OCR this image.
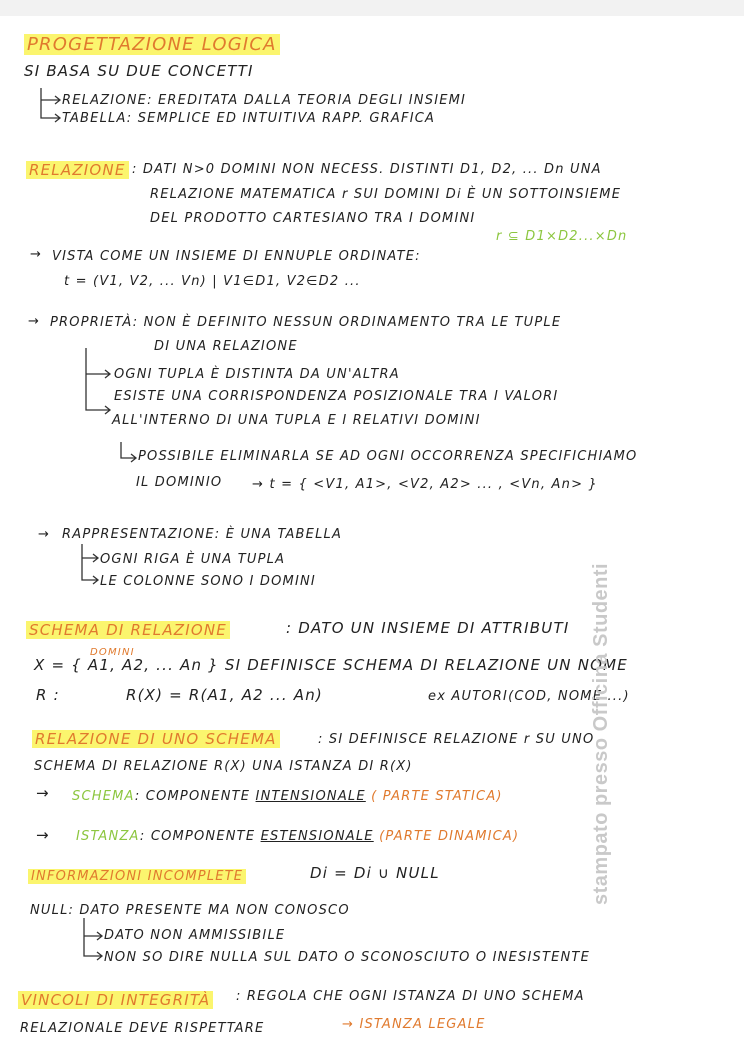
PROGETTAZIONE LOGICA
SI BASA SU DUE CONCETTI
RELAZIONE: EREDITATA DALLA TEORIA DEGLI INSIEMI
TABELLA: SEMPLICE ED INTUITIVA RAPP. GRAFICA
RELAZIONE : DATI N>0 DOMINI NON NECESS. DISTINTI D1, D2, ... Dn UNA
RELAZIONE MATEMATICA r SUI DOMINI Di È UN SOTTOINSIEME
DEL PRODOTTO CARTESIANO TRA I DOMINI
r ⊆ D1×D2...×Dn
→ VISTA COME UN INSIEME DI ENNUPLE ORDINATE:
t = (V1, V2, ... Vn) | V1∈D1, V2∈D2 ...
→ PROPRIETÀ: NON È DEFINITO NESSUN ORDINAMENTO TRA LE TUPLE
DI UNA RELAZIONE
OGNI TUPLA È DISTINTA DA UN'ALTRA
ESISTE UNA CORRISPONDENZA POSIZIONALE TRA I VALORI
ALL'INTERNO DI UNA TUPLA E I RELATIVI DOMINI
POSSIBILE ELIMINARLA SE AD OGNI OCCORRENZA SPECIFICHIAMO
IL DOMINIO → t = { <V1, A1>, <V2, A2> ... , <Vn, An> }
→ RAPPRESENTAZIONE: È UNA TABELLA
OGNI RIGA È UNA TUPLA
LE COLONNE SONO I DOMINI
SCHEMA DI RELAZIONE	: DATO UN INSIEME DI ATTRIBUTI
DOMINI
X = { A1, A2, ... An } SI DEFINISCE SCHEMA DI RELAZIONE UN NOME
R :	R(X) = R(A1, A2 ... An)	ex AUTORI(COD, NOME ...)
RELAZIONE DI UNO SCHEMA	: SI DEFINISCE RELAZIONE r SU UNO
SCHEMA DI RELAZIONE R(X) UNA ISTANZA DI R(X)
→ SCHEMA: COMPONENTE INTENSIONALE ( PARTE STATICA)
→ ISTANZA: COMPONENTE ESTENSIONALE (PARTE DINAMICA)
INFORMAZIONI INCOMPLETE	Di = Di ∪ NULL
NULL: DATO PRESENTE MA NON CONOSCO
DATO NON AMMISSIBILE
NON SO DIRE NULLA SUL DATO O SCONOSCIUTO O INESISTENTE
VINCOLI DI INTEGRITÀ : REGOLA CHE OGNI ISTANZA DI UNO SCHEMA
RELAZIONALE DEVE RISPETTARE	→ ISTANZA LEGALE
stampato presso Officina Studenti
